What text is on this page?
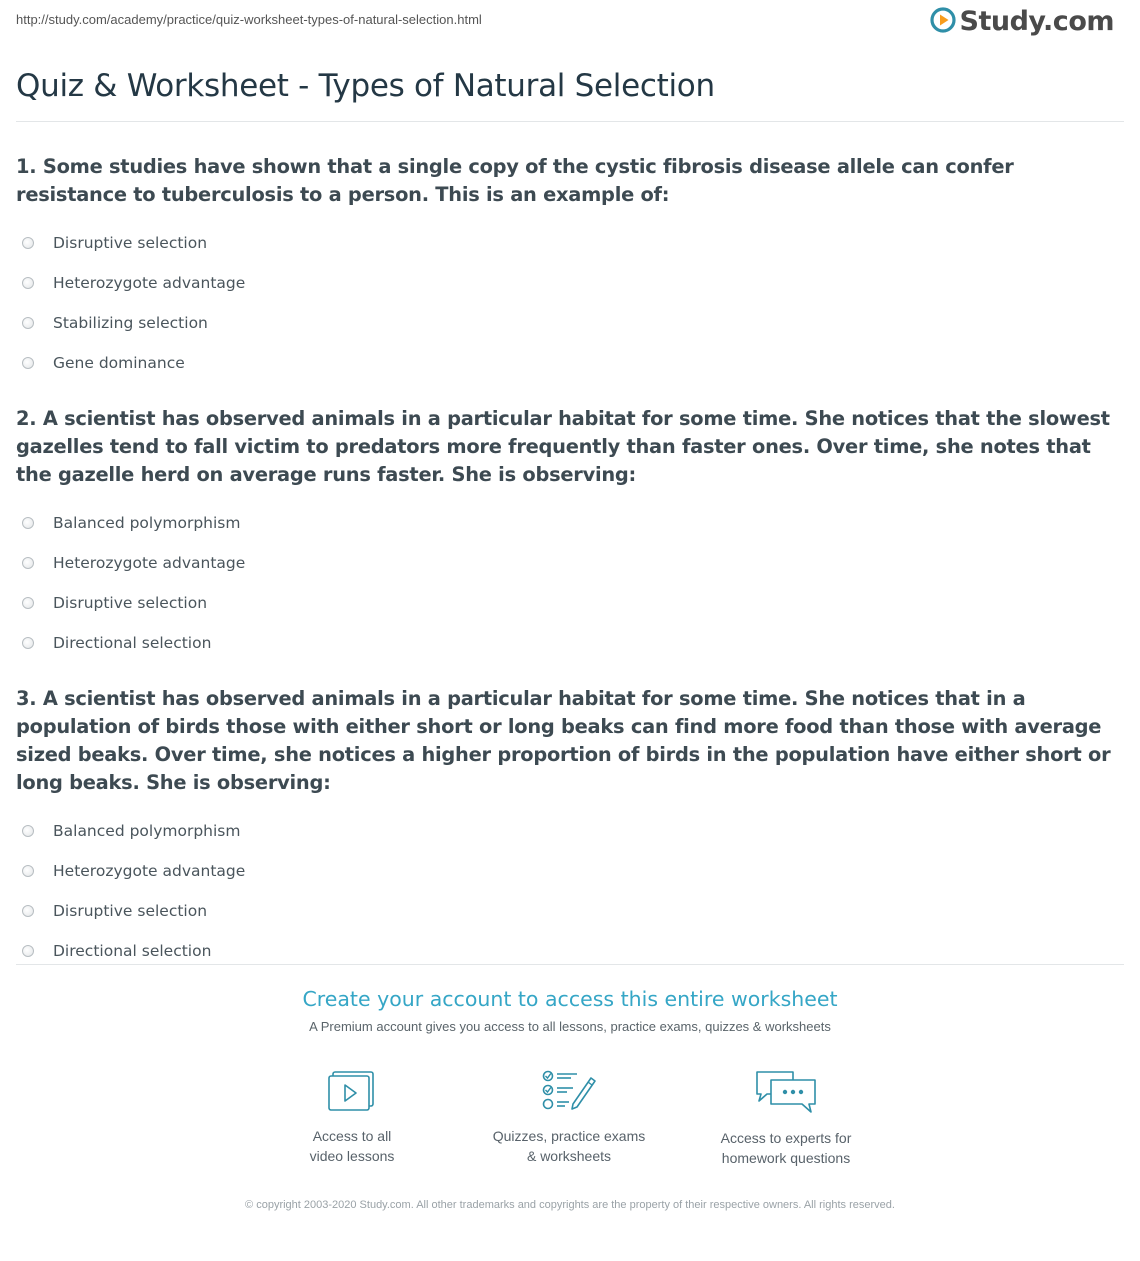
http://study.com/academy/practice/quiz-worksheet-types-of-natural-selection.html	Study.com
Quiz & Worksheet - Types of Natural Selection

1. Some studies have shown that a single copy of the cystic fibrosis disease allele can confer resistance to tuberculosis to a person. This is an example of:

Disruptive selection
Heterozygote advantage
Stabilizing selection
Gene dominance

2. A scientist has observed animals in a particular habitat for some time. She notices that the slowest gazelles tend to fall victim to predators more frequently than faster ones. Over time, she notes that the gazelle herd on average runs faster. She is observing:

Balanced polymorphism
Heterozygote advantage
Disruptive selection
Directional selection

3. A scientist has observed animals in a particular habitat for some time. She notices that in a population of birds those with either short or long beaks can find more food than those with average sized beaks. Over time, she notices a higher proportion of birds in the population have either short or long beaks. She is observing:

Balanced polymorphism
Heterozygote advantage
Disruptive selection
Directional selection

Create your account to access this entire worksheet

A Premium account gives you access to all lessons, practice exams, quizzes & worksheets
Access to all
video lessons
Quizzes, practice exams
& worksheets
Access to experts for
homework questions
© copyright 2003-2020 Study.com. All other trademarks and copyrights are the property of their respective owners. All rights reserved.
